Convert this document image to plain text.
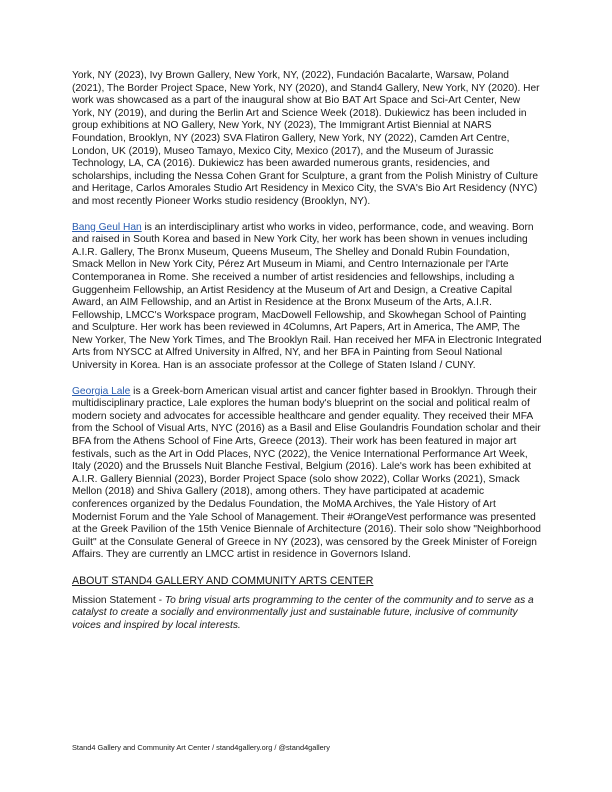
York, NY (2023), Ivy Brown Gallery, New York, NY, (2022), Fundación Bacalarte, Warsaw, Poland (2021), The Border Project Space, New York, NY (2020), and Stand4 Gallery, New York, NY (2020). Her work was showcased as a part of the inaugural show at Bio BAT Art Space and Sci-Art Center, New York, NY (2019), and during the Berlin Art and Science Week (2018). Dukiewicz has been included in group exhibitions at NO Gallery, New York, NY (2023), The Immigrant Artist Biennial at NARS Foundation, Brooklyn, NY (2023) SVA Flatiron Gallery, New York, NY (2022), Camden Art Centre, London, UK (2019), Museo Tamayo, Mexico City, Mexico (2017), and the Museum of Jurassic Technology, LA, CA (2016). Dukiewicz has been awarded numerous grants, residencies, and scholarships, including the Nessa Cohen Grant for Sculpture, a grant from the Polish Ministry of Culture and Heritage, Carlos Amorales Studio Art Residency in Mexico City, the SVA's Bio Art Residency (NYC) and most recently Pioneer Works studio residency (Brooklyn, NY).

Bang Geul Han is an interdisciplinary artist who works in video, performance, code, and weaving. Born and raised in South Korea and based in New York City, her work has been shown in venues including A.I.R. Gallery, The Bronx Museum, Queens Museum, The Shelley and Donald Rubin Foundation, Smack Mellon in New York City, Pérez Art Museum in Miami, and Centro Internazionale per l'Arte Contemporanea in Rome. She received a number of artist residencies and fellowships, including a Guggenheim Fellowship, an Artist Residency at the Museum of Art and Design, a Creative Capital Award, an AIM Fellowship, and an Artist in Residence at the Bronx Museum of the Arts, A.I.R. Fellowship, LMCC's Workspace program, MacDowell Fellowship, and Skowhegan School of Painting and Sculpture. Her work has been reviewed in 4Columns, Art Papers, Art in America, The AMP, The New Yorker, The New York Times, and The Brooklyn Rail. Han received her MFA in Electronic Integrated Arts from NYSCC at Alfred University in Alfred, NY, and her BFA in Painting from Seoul National University in Korea. Han is an associate professor at the College of Staten Island / CUNY.

Georgia Lale is a Greek-born American visual artist and cancer fighter based in Brooklyn. Through their multidisciplinary practice, Lale explores the human body's blueprint on the social and political realm of modern society and advocates for accessible healthcare and gender equality. They received their MFA from the School of Visual Arts, NYC (2016) as a Basil and Elise Goulandris Foundation scholar and their BFA from the Athens School of Fine Arts, Greece (2013). Their work has been featured in major art festivals, such as the Art in Odd Places, NYC (2022), the Venice International Performance Art Week, Italy (2020) and the Brussels Nuit Blanche Festival, Belgium (2016). Lale's work has been exhibited at A.I.R. Gallery Biennial (2023), Border Project Space (solo show 2022), Collar Works (2021), Smack Mellon (2018) and Shiva Gallery (2018), among others. They have participated at academic conferences organized by the Dedalus Foundation, the MoMA Archives, the Yale History of Art Modernist Forum and the Yale School of Management. Their #OrangeVest performance was presented at the Greek Pavilion of the 15th Venice Biennale of Architecture (2016). Their solo show "Neighborhood Guilt" at the Consulate General of Greece in NY (2023), was censored by the Greek Minister of Foreign Affairs. They are currently an LMCC artist in residence in Governors Island.

ABOUT STAND4 GALLERY AND COMMUNITY ARTS CENTER

Mission Statement - To bring visual arts programming to the center of the community and to serve as a catalyst to create a socially and environmentally just and sustainable future, inclusive of community voices and inspired by local interests.

Stand4 Gallery and Community Art Center / stand4gallery.org / @stand4gallery
